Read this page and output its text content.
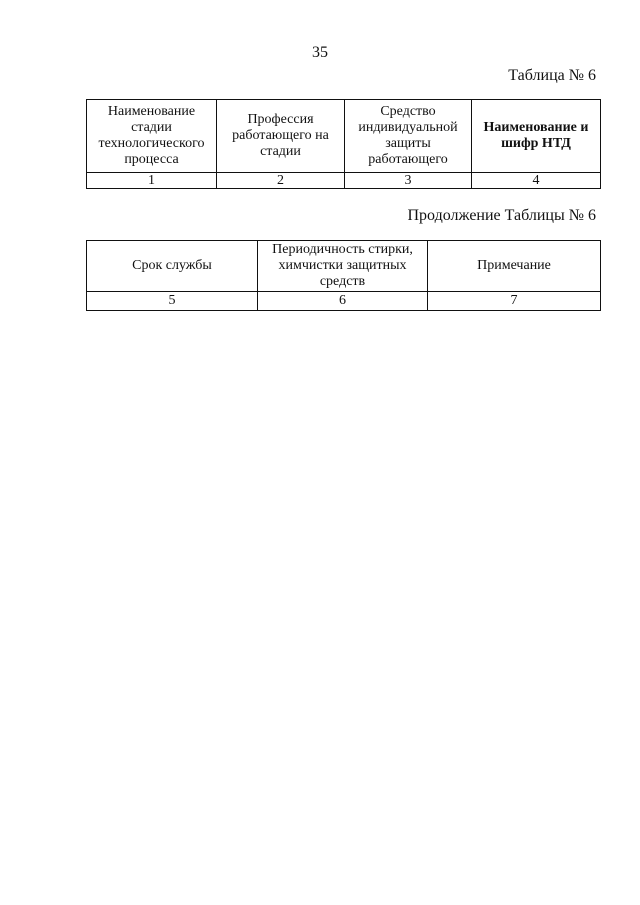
35
Таблица № 6
Наименование стадии технологического процесса	Профессия работающего на стадии	Средство индивидуальной защиты работающего	Наименование и шифр НТД
1	2	3	4
Продолжение Таблицы № 6
Срок службы	Периодичность стирки, химчистки защитных средств	Примечание
5	6	7
